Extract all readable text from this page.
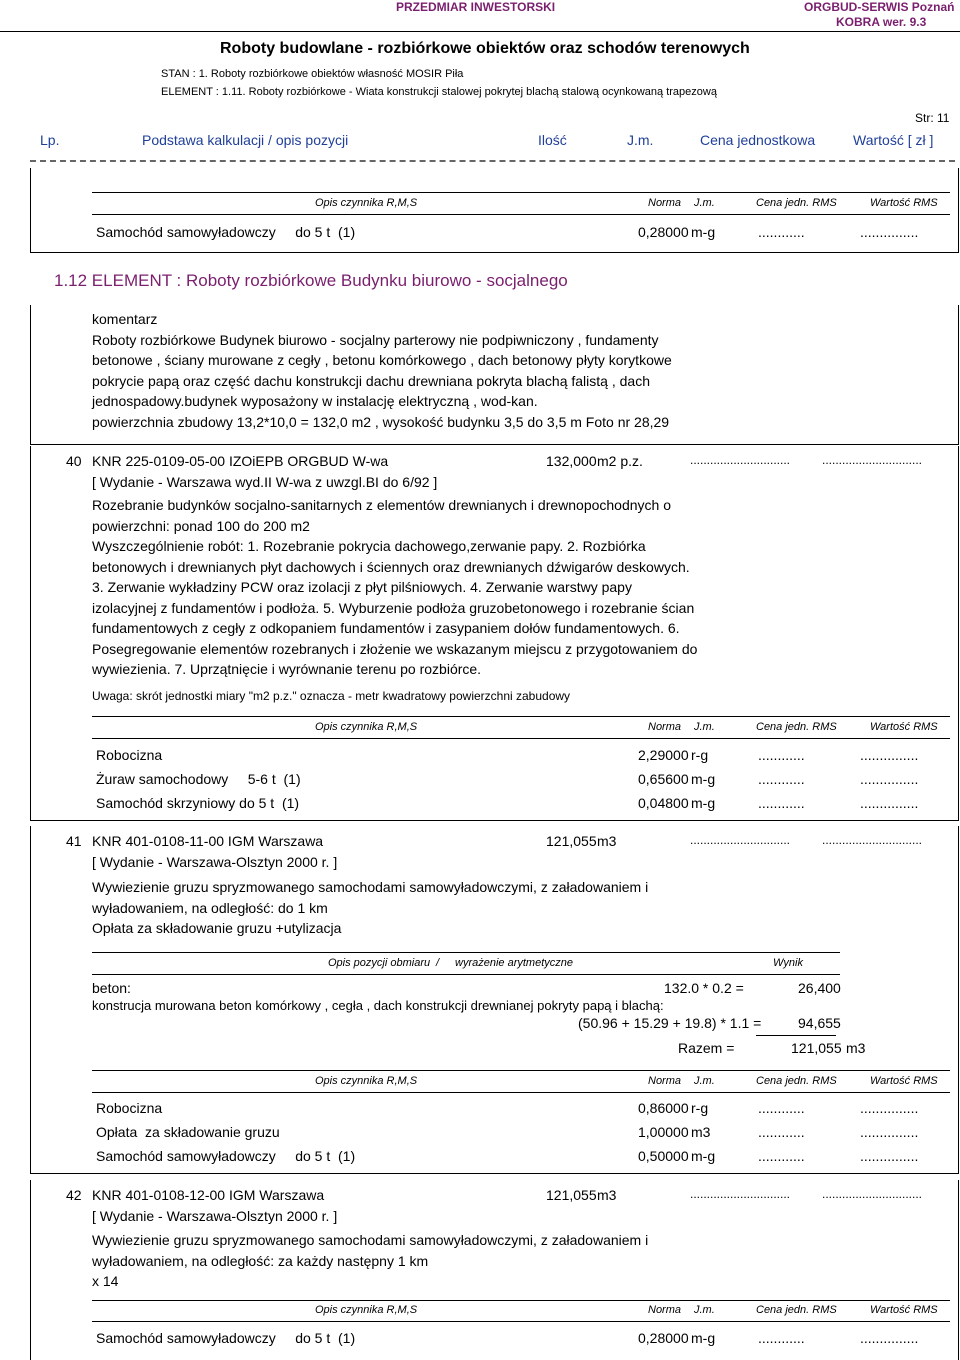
PRZEDMIAR INWESTORSKI	ORGBUD-SERWIS Poznań
KOBRA wer. 9.3
Roboty budowlane - rozbiórkowe obiektów oraz schodów terenowych
STAN : 1. Roboty rozbiórkowe obiektów własność MOSIR Piła
ELEMENT : 1.11. Roboty rozbiórkowe - Wiata konstrukcji stalowej pokrytej blachą stalową ocynkowaną trapezową
Str: 11
Lp.	Podstawa kalkulacji / opis pozycji	Ilość	J.m.	Cena jednostkowa	Wartość [ zł ]
Opis czynnika R,M,S	Norma J.m.	Cena jedn. RMS	Wartość RMS
Samochód samowyładowczy     do 5 t  (1)	0,28000 m-g	............	...............
1.12 ELEMENT : Roboty rozbiórkowe Budynku biurowo - socjalnego
komentarz
Roboty rozbiórkowe Budynek biurowo - socjalny parterowy nie podpiwniczony , fundamenty
betonowe , ściany murowane z cegły , betonu komórkowego , dach betonowy płyty korytkowe
pokrycie papą oraz część dachu konstrukcji dachu drewniana pokryta blachą falistą , dach
jednospadowy.budynek wyposażony w instalację elektryczną , wod-kan.
powierzchnia zbudowy 13,2*10,0 = 132,0 m2 , wysokość budynku 3,5 do 3,5 m Foto nr 28,29
40 KNR 225-0109-05-00 IZOiEPB ORGBUD W-wa	132,000 m2 p.z.	..............................	..............................
[ Wydanie - Warszawa wyd.II W-wa z uwzgl.BI do 6/92 ]
Rozebranie budynków socjalno-sanitarnych z elementów drewnianych i drewnopochodnych o
powierzchni: ponad 100 do 200 m2
Wyszczególnienie robót: 1. Rozebranie pokrycia dachowego,zerwanie papy. 2. Rozbiórka
betonowych i drewnianych płyt dachowych i ściennych oraz drewnianych dźwigarów deskowych.
3. Zerwanie wykładziny PCW oraz izolacji z płyt pilśniowych. 4. Zerwanie warstwy papy
izolacyjnej z fundamentów i podłoża. 5. Wyburzenie podłoża gruzobetonowego i rozebranie ścian
fundamentowych z cegły z odkopaniem fundamentów i zasypaniem dołów fundamentowych. 6.
Posegregowanie elementów rozebranych i złożenie we wskazanym miejscu z przygotowaniem do
wywiezienia. 7. Uprzątnięcie i wyrównanie terenu po rozbiórce.
Uwaga: skrót jednostki miary "m2 p.z." oznacza - metr kwadratowy powierzchni zabudowy
Opis czynnika R,M,S	Norma J.m.	Cena jedn. RMS	Wartość RMS
Robocizna	2,29000 r-g	............	...............
Żuraw samochodowy     5-6 t  (1)	0,65600 m-g	............	...............
Samochód skrzyniowy do 5 t  (1)	0,04800 m-g	............	...............
41 KNR 401-0108-11-00 IGM Warszawa	121,055 m3	..............................	..............................
[ Wydanie - Warszawa-Olsztyn 2000 r. ]
Wywiezienie gruzu spryzmowanego samochodami samowyładowczymi, z załadowaniem i
wyładowaniem, na odległość: do 1 km
Opłata za składowanie gruzu +utylizacja
Opis pozycji obmiaru / wyrażenie arytmetyczne	Wynik
beton:	132.0 * 0.2 =	26,400
konstrucja murowana beton komórkowy , cegła , dach konstrukcji drewnianej pokryty papą i blachą:
(50.96 + 15.29 + 19.8) * 1.1 =	94,655
Razem =	121,055 m3
Opis czynnika R,M,S	Norma J.m.	Cena jedn. RMS	Wartość RMS
Robocizna	0,86000 r-g	............	...............
Opłata  za składowanie gruzu	1,00000 m3	............	...............
Samochód samowyładowczy     do 5 t  (1)	0,50000 m-g	............	...............
42 KNR 401-0108-12-00 IGM Warszawa	121,055 m3	..............................	..............................
[ Wydanie - Warszawa-Olsztyn 2000 r. ]
Wywiezienie gruzu spryzmowanego samochodami samowyładowczymi, z załadowaniem i
wyładowaniem, na odległość: za każdy następny 1 km
x 14
Opis czynnika R,M,S	Norma J.m.	Cena jedn. RMS	Wartość RMS
Samochód samowyładowczy     do 5 t  (1)	0,28000 m-g	............	...............
